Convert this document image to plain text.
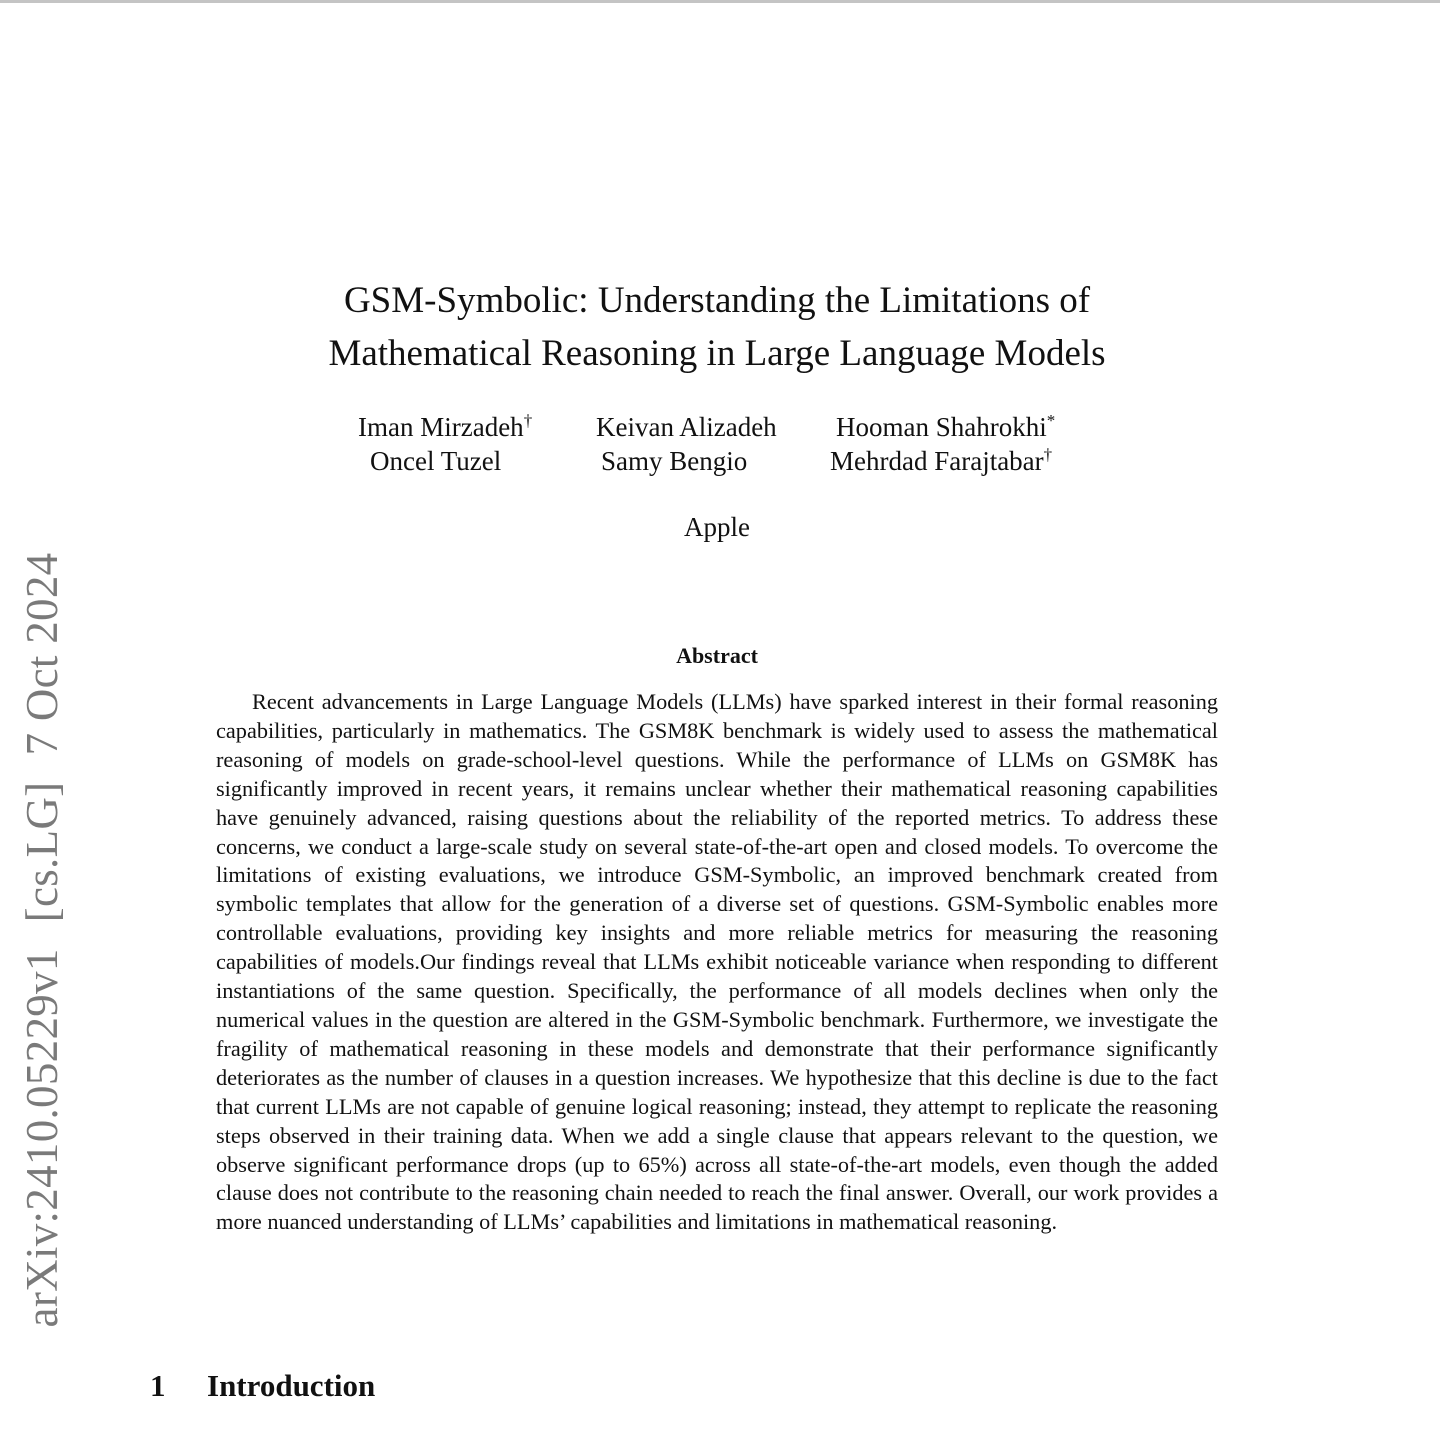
arXiv:2410.05229v1[cs.LG]7 Oct 2024
GSM-Symbolic: Understanding the Limitations of
Mathematical Reasoning in Large Language Models
Iman Mirzadeh† Keivan Alizadeh Hooman Shahrokhi*
Oncel Tuzel	Samy Bengio	Mehrdad Farajtabar†
Apple
Abstract
Recent advancements in Large Language Models (LLMs) have sparked interest in their formal reasoning capabilities, particularly in mathematics. The GSM8K benchmark is widely used to assess the mathematical reasoning of models on grade-school-level questions. While the performance of LLMs on GSM8K has significantly improved in recent years, it remains unclear whether their mathematical reasoning capabilities have genuinely advanced, raising questions about the reliability of the reported metrics. To address these concerns, we conduct a large-scale study on several state-of-the-art open and closed models. To overcome the limitations of existing evaluations, we introduce GSM-Symbolic, an improved benchmark created from symbolic templates that allow for the generation of a diverse set of questions. GSM-Symbolic enables more controllable evaluations, providing key insights and more reliable metrics for measuring the reasoning capabilities of models.Our findings reveal that LLMs exhibit noticeable variance when responding to different instantiations of the same question. Specifically, the performance of all models declines when only the numerical values in the question are altered in the GSM-Symbolic benchmark. Furthermore, we investigate the fragility of mathematical reasoning in these models and demonstrate that their performance significantly deteriorates as the number of clauses in a question increases. We hypothesize that this decline is due to the fact that current LLMs are not capable of genuine logical reasoning; instead, they attempt to replicate the reasoning steps observed in their training data. When we add a single clause that appears relevant to the question, we observe significant performance drops (up to 65%) across all state-of-the-art models, even though the added clause does not contribute to the reasoning chain needed to reach the final answer. Overall, our work provides a more nuanced understanding of LLMs’ capabilities and limitations in mathematical reasoning.
1 Introduction
